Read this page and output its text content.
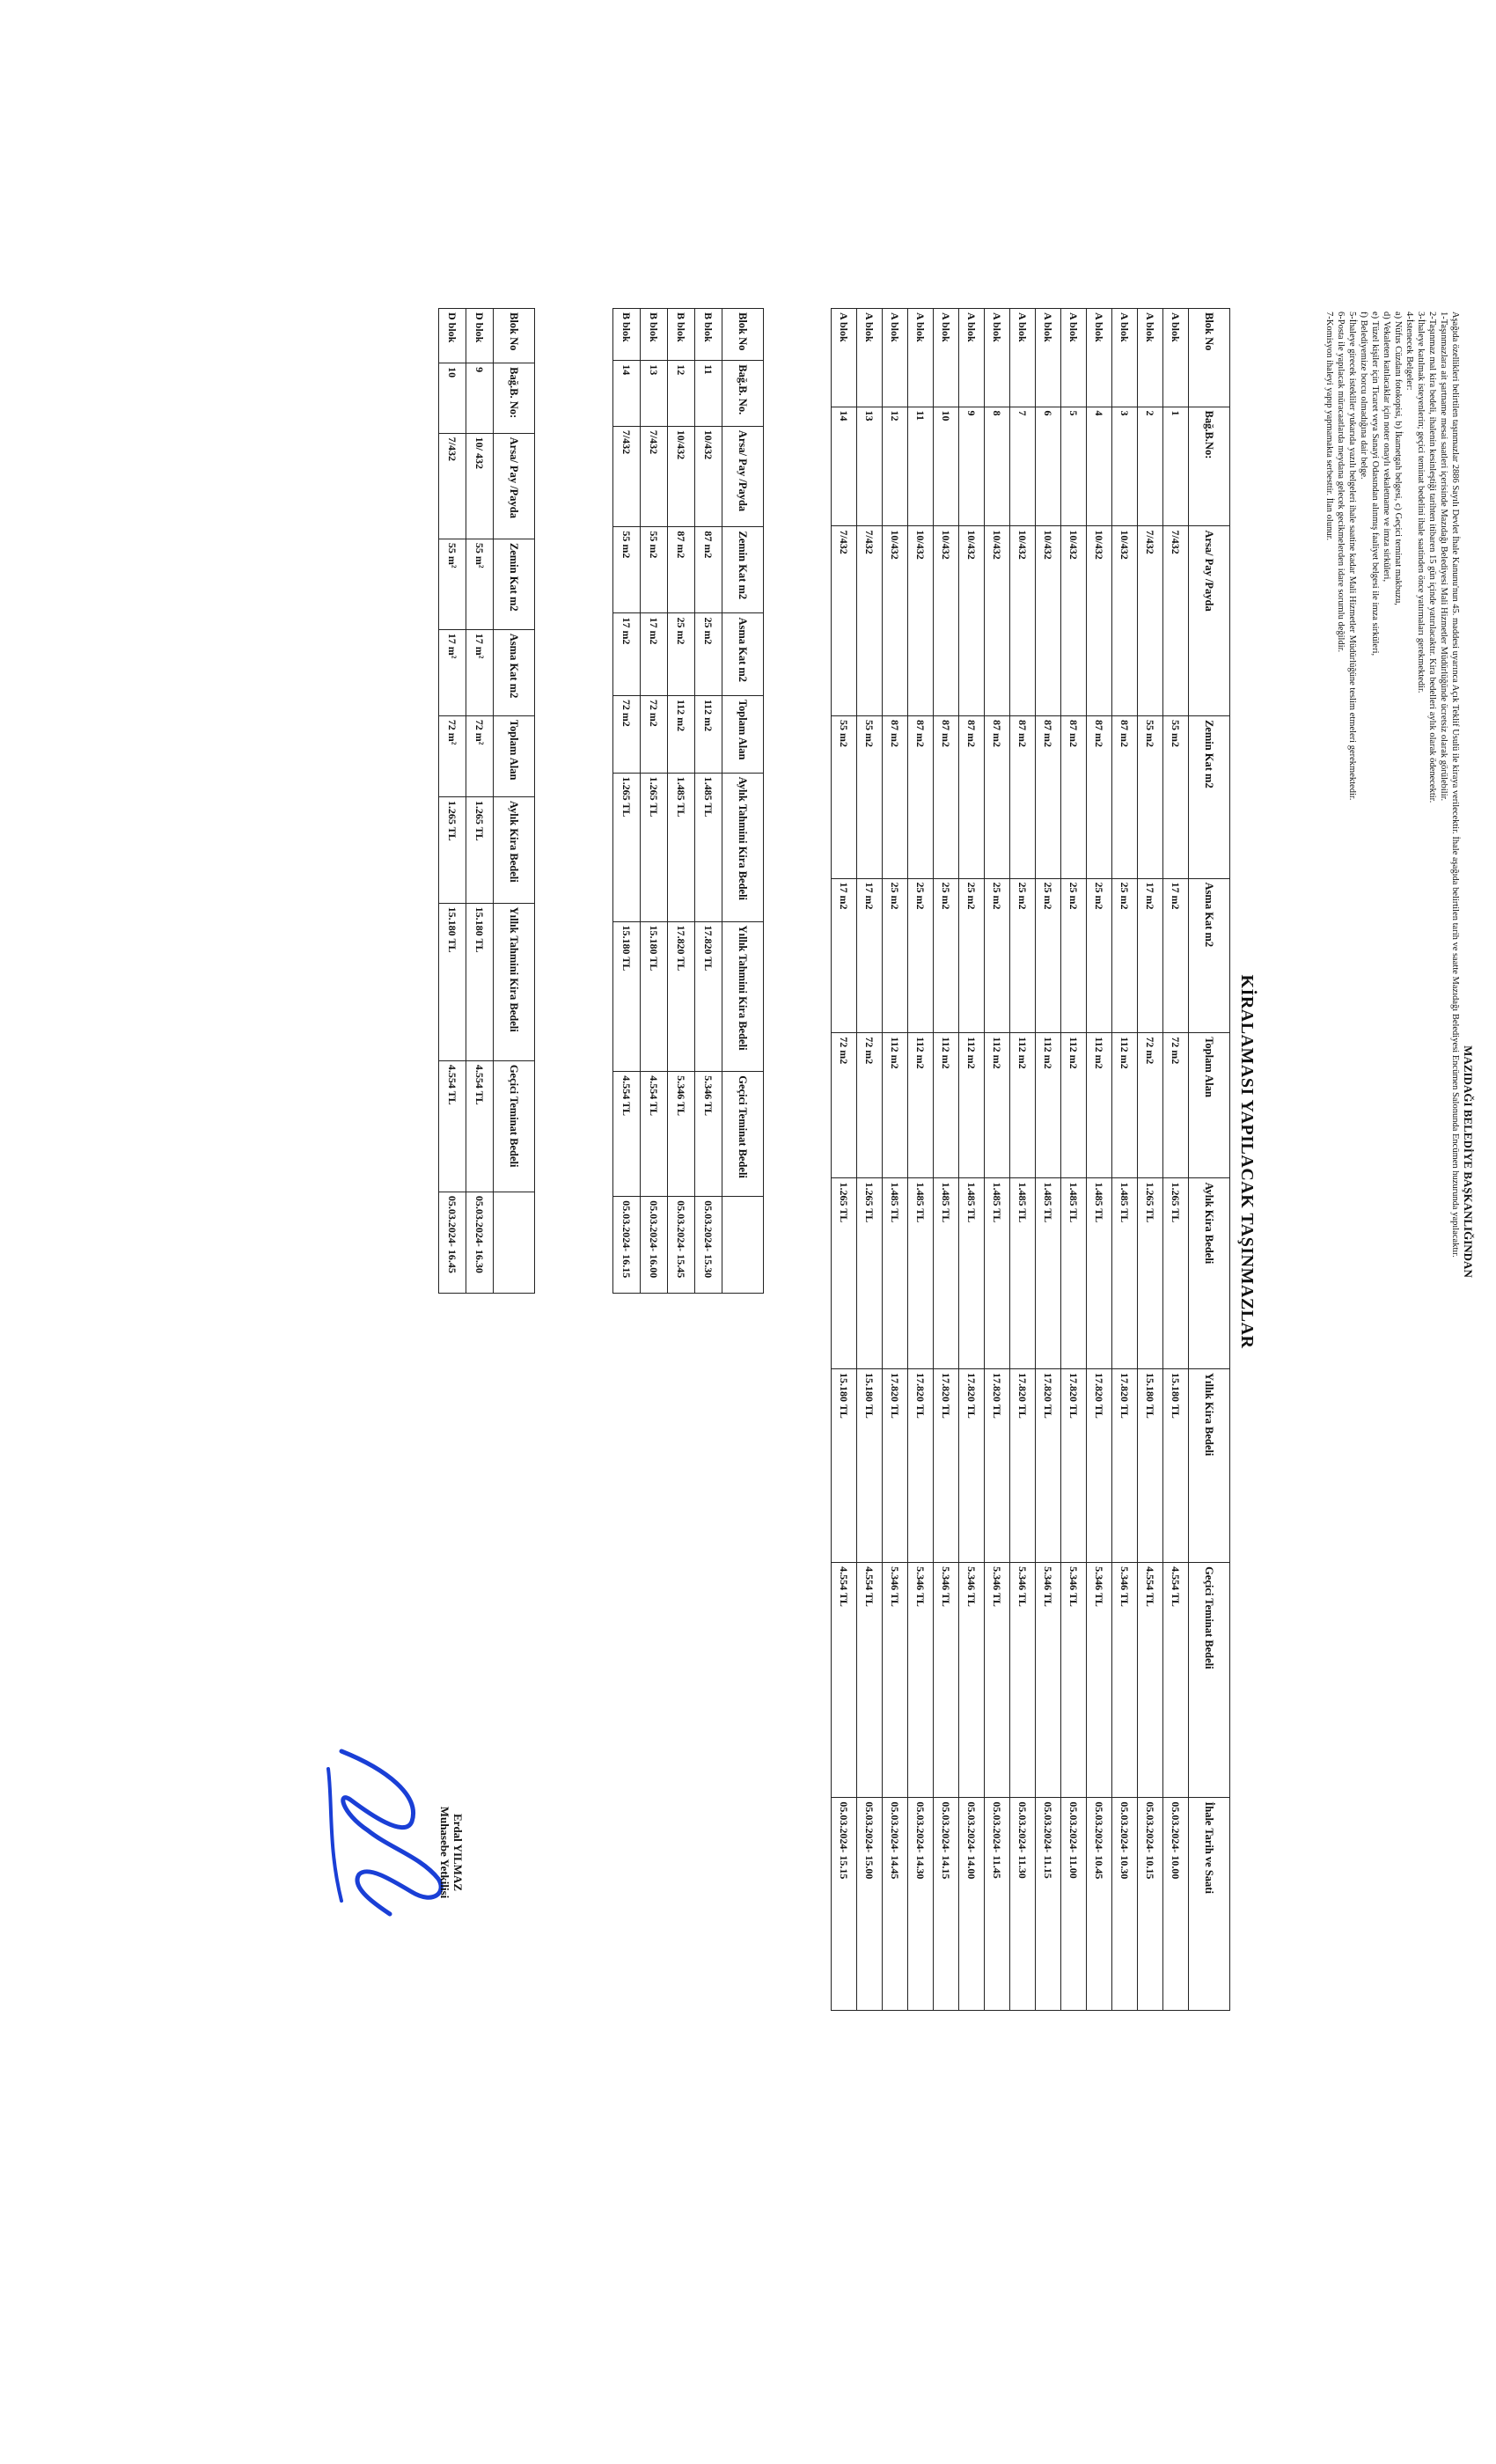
MAZIDAĞI BELEDİYE BAŞKANLIĞINDAN

Aşağıda özellikleri belirtilen taşınmazlar 2886 Sayılı Devlet İhale Kanunu'nun 45. maddesi uyarınca Açık Teklif Usulü ile kiraya verilecektir. İhale aşağıda belirtilen tarih ve saatte Mazıdağı Belediyesi Encümen Salonunda Encümen huzurunda yapılacaktır.

1-Taşınmazlara ait şartname mesai saatleri içerisinde Mazıdağı Belediyesi Mali Hizmetler Müdürlüğünde ücretsiz olarak görülebilir.

2-Taşınmaz mal kira bedeli, ihalenin kesinleştiği tarihten itibaren 15 gün içinde yatırılacaktır. Kira bedelleri aylık olarak ödenecektir.

3-İhaleye katılmak isteyenlerin; geçici teminat bedelini ihale saatinden önce yatırmaları gerekmektedir.

4-İstenecek Belgeler:

a) Nüfus Cüzdanı fotokopisi, b) İkametgah belgesi, c) Geçici teminat makbuzu,

d) Vekaleten katılacaklar için noter onaylı vekaletname ve imza sirküleri,

e) Tüzel kişiler için Ticaret veya Sanayi Odasından alınmış faaliyet belgesi ile imza sirküleri,

f) Belediyemize borcu olmadığına dair belge.

5-İhaleye girecek istekliler yukarıda yazılı belgeleri ihale saatine kadar Mali Hizmetler Müdürlüğüne teslim etmeleri gerekmektedir.

6-Posta ile yapılacak müracaatlarda meydana gelecek gecikmelerden idare sorumlu değildir.

7-Komisyon ihaleyi yapıp yapmamakta serbesttir. İlan olunur.

KİRALAMASI YAPILACAK TAŞINMAZLAR
Blok No	Bağ.B.No:	Arsa/ Pay /Payda	Zemin Kat m2	Asma Kat m2	Toplam Alan	Aylık Kira Bedeli	Yıllık Kira Bedeli	Geçici Teminat Bedeli	İhale Tarih ve Saati
A blok	1	7/432	55 m2	17 m2	72 m2	1.265 TL	15.180 TL	4.554 TL	05.03.2024- 10.00
A blok	2	7/432	55 m2	17 m2	72 m2	1.265 TL	15.180 TL	4.554 TL	05.03.2024- 10.15
A blok	3	10/432	87 m2	25 m2	112 m2	1.485 TL	17.820 TL	5.346 TL	05.03.2024- 10.30
A blok	4	10/432	87 m2	25 m2	112 m2	1.485 TL	17.820 TL	5.346 TL	05.03.2024- 10.45
A blok	5	10/432	87 m2	25 m2	112 m2	1.485 TL	17.820 TL	5.346 TL	05.03.2024- 11.00
A blok	6	10/432	87 m2	25 m2	112 m2	1.485 TL	17.820 TL	5.346 TL	05.03.2024- 11.15
A blok	7	10/432	87 m2	25 m2	112 m2	1.485 TL	17.820 TL	5.346 TL	05.03.2024- 11.30
A blok	8	10/432	87 m2	25 m2	112 m2	1.485 TL	17.820 TL	5.346 TL	05.03.2024- 11.45
A blok	9	10/432	87 m2	25 m2	112 m2	1.485 TL	17.820 TL	5.346 TL	05.03.2024- 14.00
A blok	10	10/432	87 m2	25 m2	112 m2	1.485 TL	17.820 TL	5.346 TL	05.03.2024- 14.15
A blok	11	10/432	87 m2	25 m2	112 m2	1.485 TL	17.820 TL	5.346 TL	05.03.2024- 14.30
A blok	12	10/432	87 m2	25 m2	112 m2	1.485 TL	17.820 TL	5.346 TL	05.03.2024- 14.45
A blok	13	7/432	55 m2	17 m2	72 m2	1.265 TL	15.180 TL	4.554 TL	05.03.2024- 15.00
A blok	14	7/432	55 m2	17 m2	72 m2	1.265 TL	15.180 TL	4.554 TL	05.03.2024- 15.15
Blok No	Bağ.B. No.	Arsa/ Pay /Payda	Zemin Kat m2	Asma Kat m2	Toplam Alan	Aylık Tahmini Kira Bedeli	Yıllık Tahmini Kira Bedeli	Geçici Teminat Bedeli	
B blok	11	10/432	87 m2	25 m2	112 m2	1.485 TL	17.820 TL	5.346 TL	05.03.2024- 15.30
B blok	12	10/432	87 m2	25 m2	112 m2	1.485 TL	17.820 TL	5.346 TL	05.03.2024- 15.45
B blok	13	7/432	55 m2	17 m2	72 m2	1.265 TL	15.180 TL	4.554 TL	05.03.2024- 16.00
B blok	14	7/432	55 m2	17 m2	72 m2	1.265 TL	15.180 TL	4.554 TL	05.03.2024- 16.15
Blok No	Bağ.B. No:	Arsa/ Pay /Payda	Zemin Kat m2	Asma Kat m2	Toplam Alan	Aylık Kira Bedeli	Yıllık Tahmini Kira Bedeli	Geçici Teminat Bedeli	
D blok	9	10/ 432	55 m²	17 m²	72 m²	1.265 TL	15.180 TL	4.554 TL	05.03.2024- 16.30
D blok	10	7/432	55 m²	17 m²	72 m²	1.265 TL	15.180 TL	4.554 TL	05.03.2024- 16.45
Erdal YILMAZ
Muhasebe Yetkilisi
